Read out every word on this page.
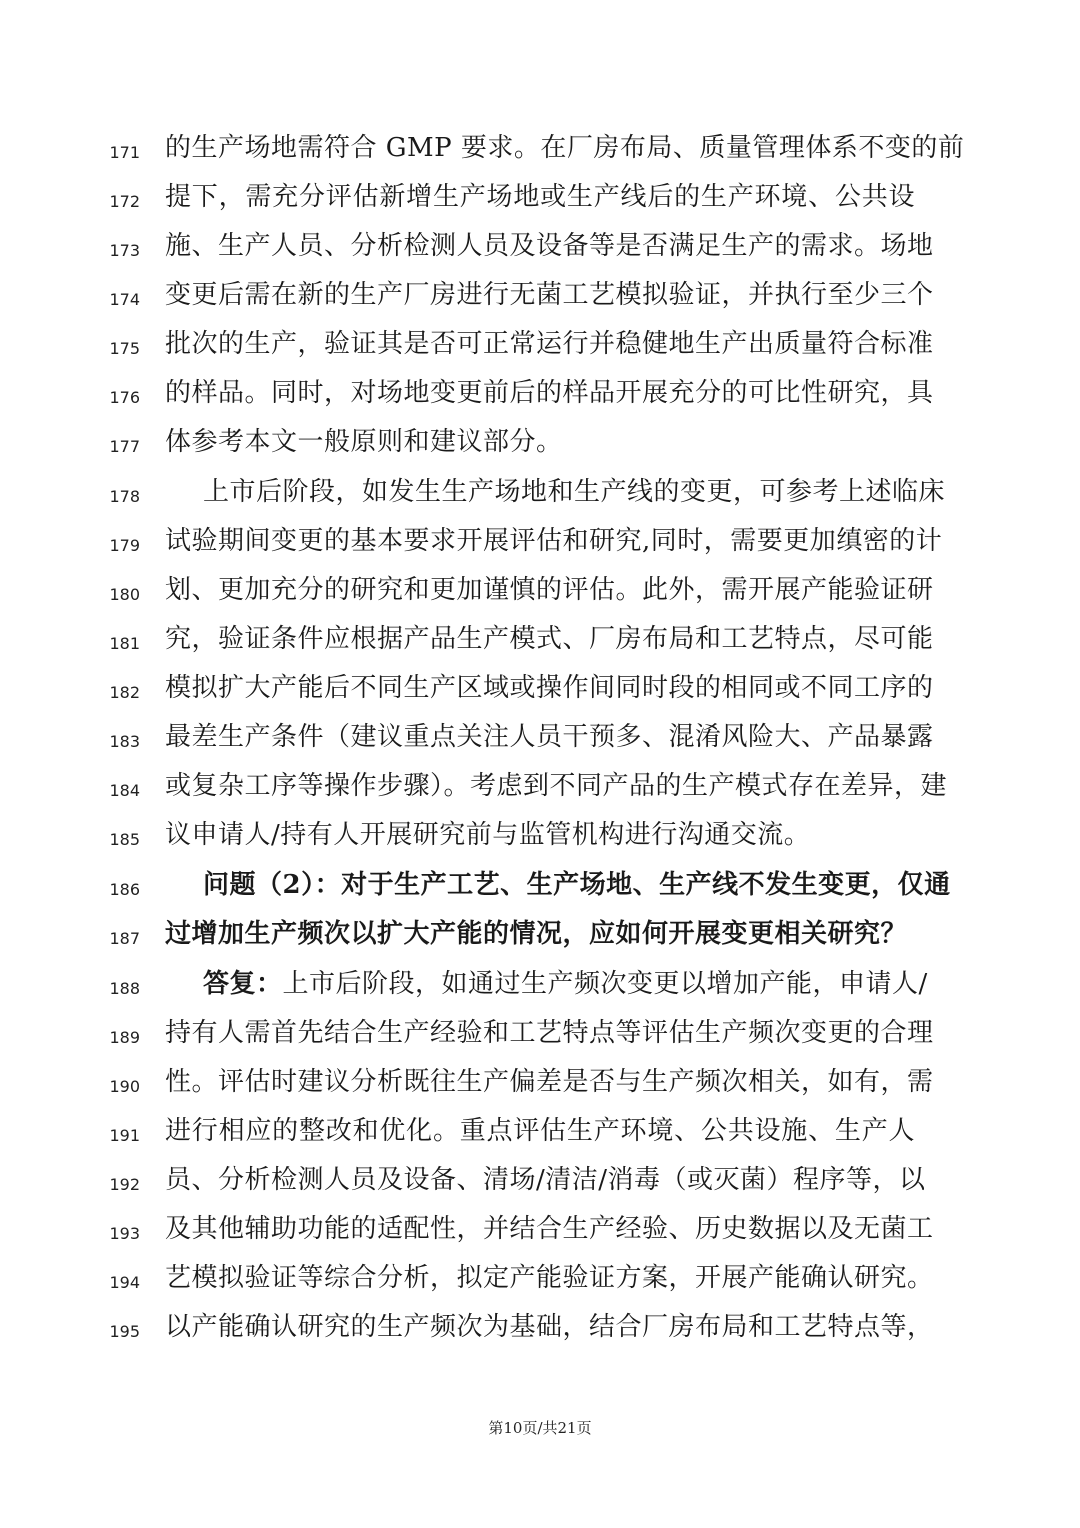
171 的生产场地需符合 GMP 要求。在厂房布局、质量管理体系不变的前
172 提下，需充分评估新增生产场地或生产线后的生产环境、公共设
173 施、生产人员、分析检测人员及设备等是否满足生产的需求。场地
174 变更后需在新的生产厂房进行无菌工艺模拟验证，并执行至少三个
175 批次的生产，验证其是否可正常运行并稳健地生产出质量符合标准
176 的样品。同时，对场地变更前后的样品开展充分的可比性研究，具
177 体参考本文一般原则和建议部分。
178 上市后阶段，如发生生产场地和生产线的变更，可参考上述临床
179 试验期间变更的基本要求开展评估和研究,同时，需要更加缜密的计
180 划、更加充分的研究和更加谨慎的评估。此外，需开展产能验证研
181 究，验证条件应根据产品生产模式、厂房布局和工艺特点，尽可能
182 模拟扩大产能后不同生产区域或操作间同时段的相同或不同工序的
183 最差生产条件（建议重点关注人员干预多、混淆风险大、产品暴露
184 或复杂工序等操作步骤）。考虑到不同产品的生产模式存在差异，建
185 议申请人/持有人开展研究前与监管机构进行沟通交流。
186 问题（2）：对于生产工艺、生产场地、生产线不发生变更，仅通
187 过增加生产频次以扩大产能的情况，应如何开展变更相关研究？
188 答复：上市后阶段，如通过生产频次变更以增加产能，申请人/
189 持有人需首先结合生产经验和工艺特点等评估生产频次变更的合理
190 性。评估时建议分析既往生产偏差是否与生产频次相关，如有，需
191 进行相应的整改和优化。重点评估生产环境、公共设施、生产人
192 员、分析检测人员及设备、清场/清洁/消毒（或灭菌）程序等，以
193 及其他辅助功能的适配性，并结合生产经验、历史数据以及无菌工
194 艺模拟验证等综合分析，拟定产能验证方案，开展产能确认研究。
195 以产能确认研究的生产频次为基础，结合厂房布局和工艺特点等，
第10页/共21页
